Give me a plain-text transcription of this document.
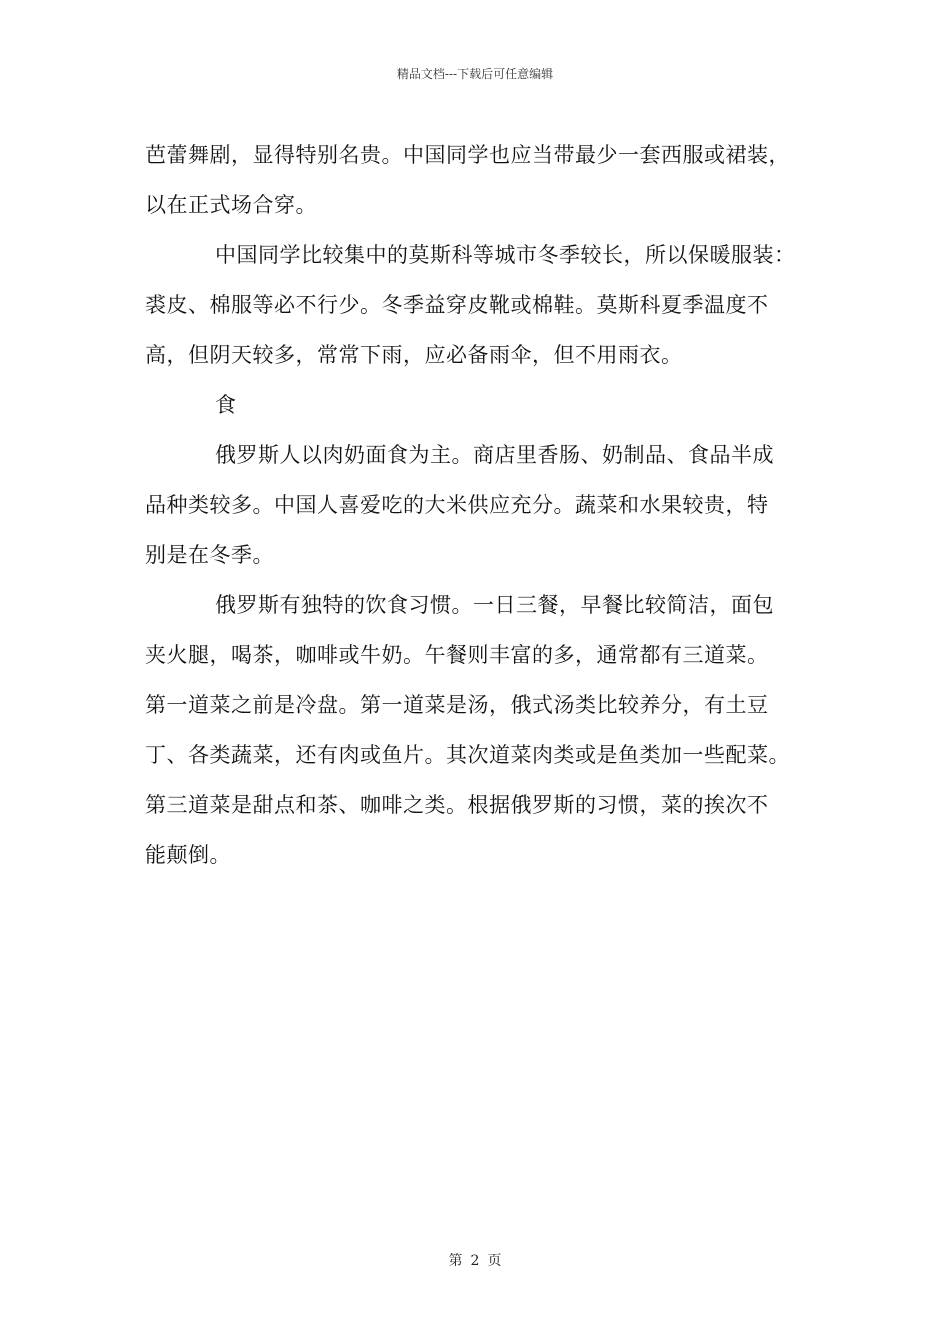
精品文档---下载后可任意编辑
芭蕾舞剧，显得特别名贵。中国同学也应当带最少一套西服或裙装，
以在正式场合穿。
中国同学比较集中的莫斯科等城市冬季较长，所以保暖服装：
裘皮、棉服等必不行少。冬季益穿皮靴或棉鞋。莫斯科夏季温度不
高，但阴天较多，常常下雨，应必备雨伞，但不用雨衣。
食
俄罗斯人以肉奶面食为主。商店里香肠、奶制品、食品半成
品种类较多。中国人喜爱吃的大米供应充分。蔬菜和水果较贵，特
别是在冬季。
俄罗斯有独特的饮食习惯。一日三餐，早餐比较简洁，面包
夹火腿，喝茶，咖啡或牛奶。午餐则丰富的多，通常都有三道菜。
第一道菜之前是冷盘。第一道菜是汤，俄式汤类比较养分，有土豆
丁、各类蔬菜，还有肉或鱼片。其次道菜肉类或是鱼类加一些配菜。
第三道菜是甜点和茶、咖啡之类。根据俄罗斯的习惯，菜的挨次不
能颠倒。
第 2 页
